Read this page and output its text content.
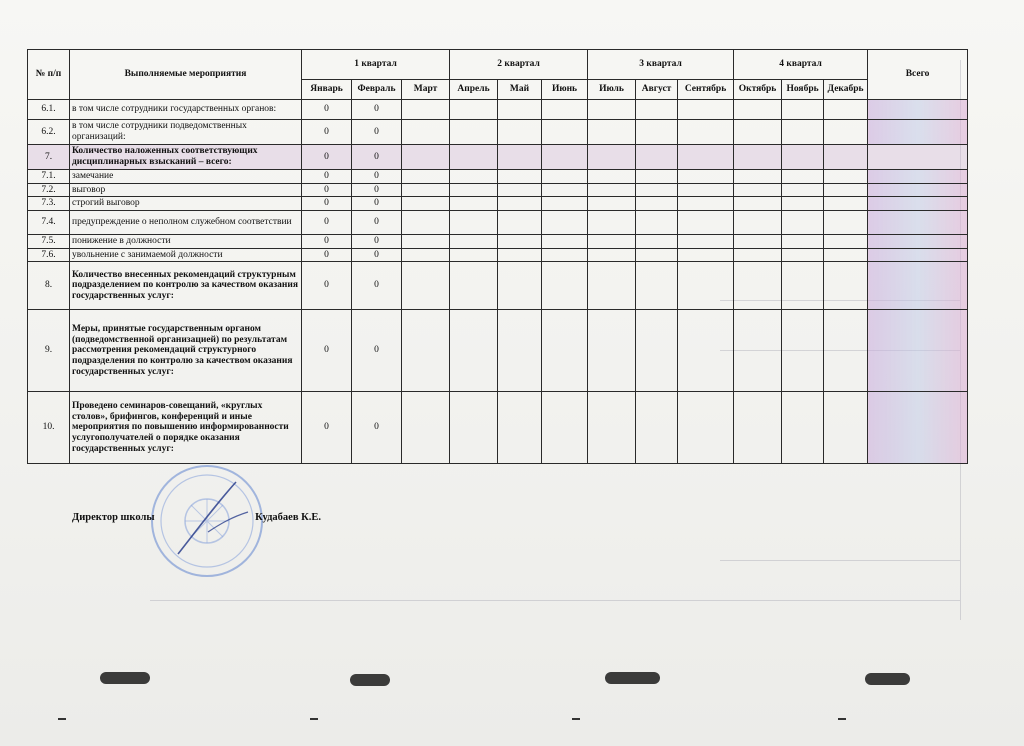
№ п/п	Выполняемые мероприятия	1 квартал			2 квартал			3 квартал			4 квартал			Всего
		Январь	Февраль	Март	Апрель	Май	Июнь	Июль	Август	Сентябрь	Октябрь	Ноябрь	Декабрь	
6.1.	в том числе сотрудники государственных органов:	0	0											
6.2.	в том числе сотрудники подведомственных организаций:	0	0											
7.	Количество наложенных соответствующих дисциплинарных взысканий – всего:	0	0											
7.1.	замечание	0	0											
7.2.	выговор	0	0											
7.3.	строгий выговор	0	0											
7.4.	предупреждение о неполном служебном соответствии	0	0											
7.5.	понижение в должности	0	0											
7.6.	увольнение с занимаемой должности	0	0											
8.	Количество внесенных рекомендаций структурным подразделением по контролю за качеством оказания государственных услуг:	0	0											
9.	Меры, принятые государственным органом (подведомственной организацией) по результатам рассмотрения рекомендаций структурного подразделения по контролю за качеством оказания государственных услуг:	0	0											
10.	Проведено семинаров-совещаний, «круглых столов», брифингов, конференций и иные мероприятия по повышению информированности услугополучателей о порядке оказания государственных услуг:	0	0											
Директор школы	Кудабаев К.Е.
